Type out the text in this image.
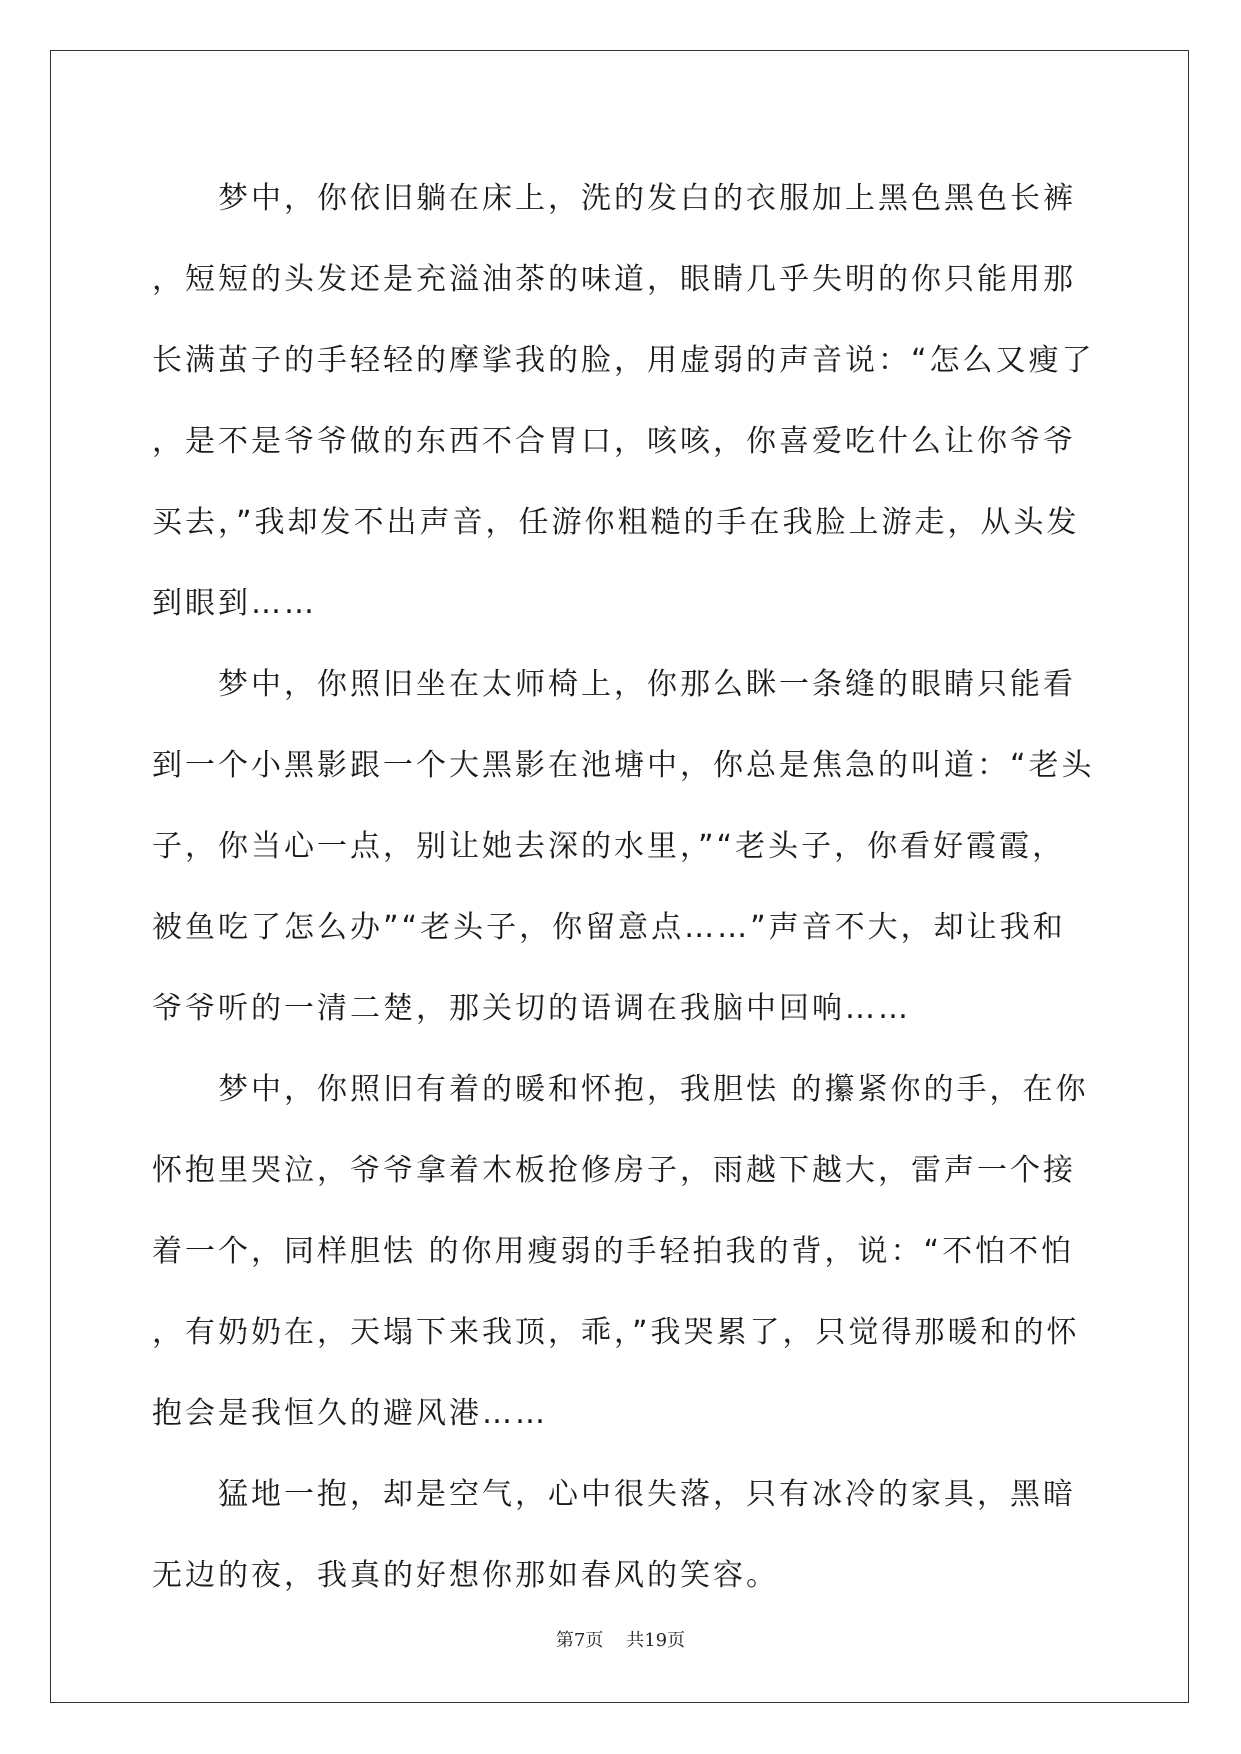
梦中，你依旧躺在床上，洗的发白的衣服加上黑色黑色长裤，短短的头发还是充溢油茶的味道，眼睛几乎失明的你只能用那长满茧子的手轻轻的摩挲我的脸，用虚弱的声音说：“怎么又瘦了，是不是爷爷做的东西不合胃口，咳咳，你喜爱吃什么让你爷爷买去，”我却发不出声音，任游你粗糙的手在我脸上游走，从头发到眼到……

梦中，你照旧坐在太师椅上，你那么眯一条缝的眼睛只能看到一个小黑影跟一个大黑影在池塘中，你总是焦急的叫道：“老头子，你当心一点，别让她去深的水里，”“老头子，你看好霞霞，被鱼吃了怎么办”“老头子，你留意点……”声音不大，却让我和爷爷听的一清二楚，那关切的语调在我脑中回响……

梦中，你照旧有着的暖和怀抱，我胆怯 的攥紧你的手，在你怀抱里哭泣，爷爷拿着木板抢修房子，雨越下越大，雷声一个接着一个，同样胆怯 的你用瘦弱的手轻拍我的背，说：“不怕不怕，有奶奶在，天塌下来我顶，乖，”我哭累了，只觉得那暖和的怀抱会是我恒久的避风港……

猛地一抱，却是空气，心中很失落，只有冰冷的家具，黑暗无边的夜，我真的好想你那如春风的笑容。

第7页 共19页
